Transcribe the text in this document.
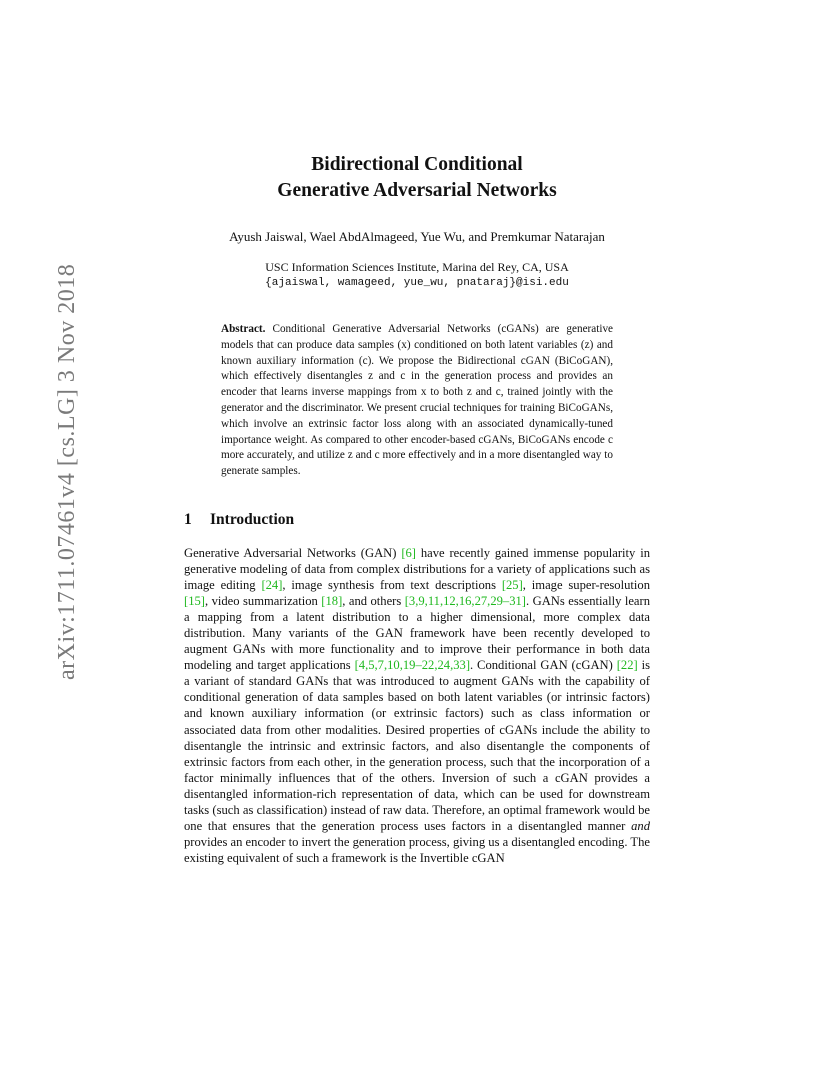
arXiv:1711.07461v4 [cs.LG] 3 Nov 2018
Bidirectional Conditional
Generative Adversarial Networks
Ayush Jaiswal, Wael AbdAlmageed, Yue Wu, and Premkumar Natarajan
USC Information Sciences Institute, Marina del Rey, CA, USA
{ajaiswal, wamageed, yue_wu, pnataraj}@isi.edu
Abstract. Conditional Generative Adversarial Networks (cGANs) are generative models that can produce data samples (x) conditioned on both latent variables (z) and known auxiliary information (c). We propose the Bidirectional cGAN (BiCoGAN), which effectively disentangles z and c in the generation process and provides an encoder that learns inverse mappings from x to both z and c, trained jointly with the generator and the discriminator. We present crucial techniques for training BiCoGANs, which involve an extrinsic factor loss along with an associated dynamically-tuned importance weight. As compared to other encoder-based cGANs, BiCoGANs encode c more accurately, and utilize z and c more effectively and in a more disentangled way to generate samples.
1 Introduction
Generative Adversarial Networks (GAN) [6] have recently gained immense popularity in generative modeling of data from complex distributions for a variety of applications such as image editing [24], image synthesis from text descriptions [25], image super-resolution [15], video summarization [18], and others [3,9,11,12,16,27,29–31]. GANs essentially learn a mapping from a latent distribution to a higher dimensional, more complex data distribution. Many variants of the GAN framework have been recently developed to augment GANs with more functionality and to improve their performance in both data modeling and target applications [4,5,7,10,19–22,24,33]. Conditional GAN (cGAN) [22] is a variant of standard GANs that was introduced to augment GANs with the capability of conditional generation of data samples based on both latent variables (or intrinsic factors) and known auxiliary information (or extrinsic factors) such as class information or associated data from other modalities. Desired properties of cGANs include the ability to disentangle the intrinsic and extrinsic factors, and also disentangle the components of extrinsic factors from each other, in the generation process, such that the incorporation of a factor minimally influences that of the others. Inversion of such a cGAN provides a disentangled information-rich representation of data, which can be used for downstream tasks (such as classification) instead of raw data. Therefore, an optimal framework would be one that ensures that the generation process uses factors in a disentangled manner and provides an encoder to invert the generation process, giving us a disentangled encoding. The existing equivalent of such a framework is the Invertible cGAN
